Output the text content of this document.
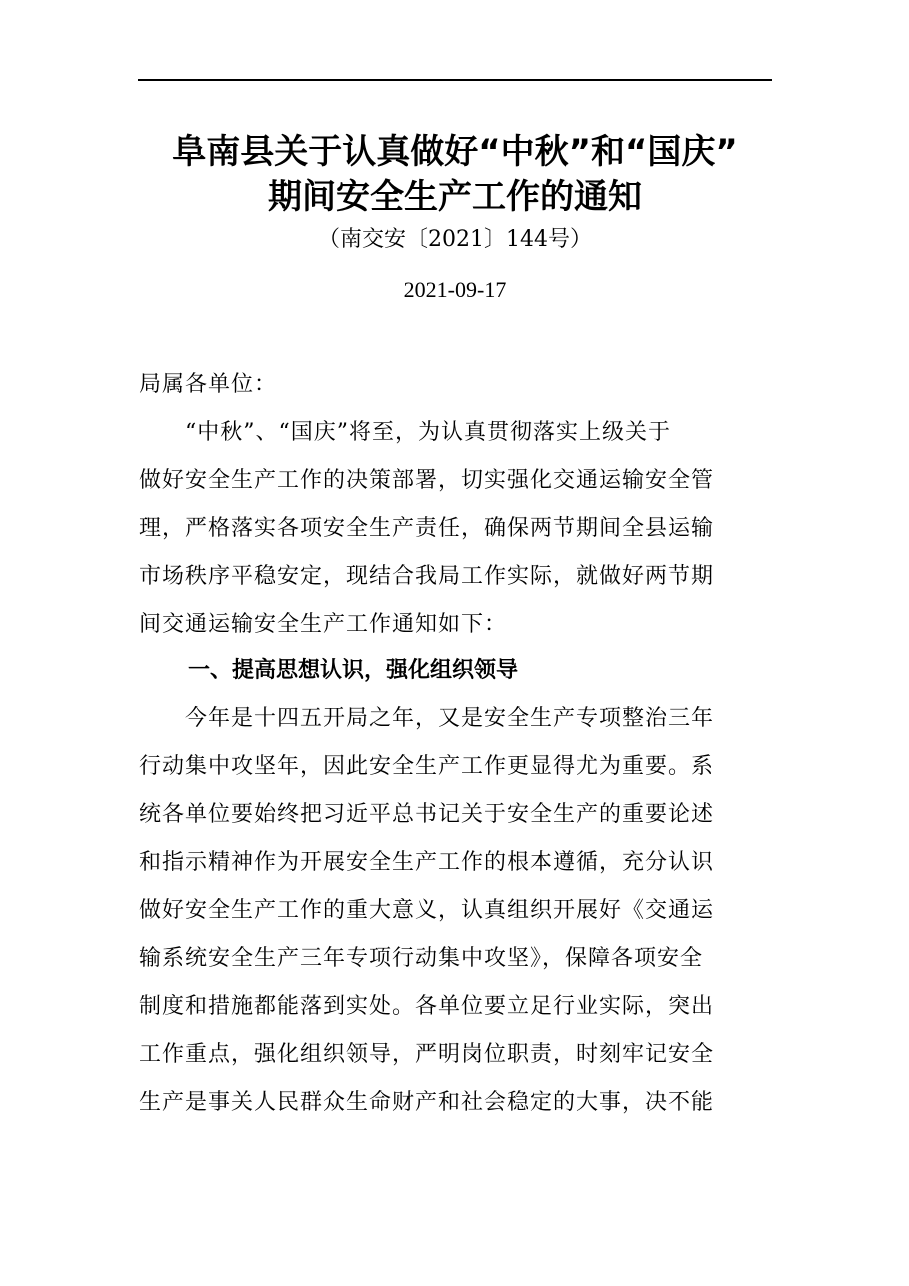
阜南县关于认真做好“中秋”和“国庆”
期间安全生产工作的通知
（南交安〔2021〕144号）
2021-09-17
局属各单位：
　　“中秋”、“国庆”将至，为认真贯彻落实上级关于
做好安全生产工作的决策部署，切实强化交通运输安全管
理，严格落实各项安全生产责任，确保两节期间全县运输
市场秩序平稳安定，现结合我局工作实际，就做好两节期
间交通运输安全生产工作通知如下：
一、提高思想认识，强化组织领导
　　今年是十四五开局之年，又是安全生产专项整治三年
行动集中攻坚年，因此安全生产工作更显得尤为重要。系
统各单位要始终把习近平总书记关于安全生产的重要论述
和指示精神作为开展安全生产工作的根本遵循，充分认识
做好安全生产工作的重大意义，认真组织开展好《交通运
输系统安全生产三年专项行动集中攻坚》，保障各项安全
制度和措施都能落到实处。各单位要立足行业实际，突出
工作重点，强化组织领导，严明岗位职责，时刻牢记安全
生产是事关人民群众生命财产和社会稳定的大事，决不能
